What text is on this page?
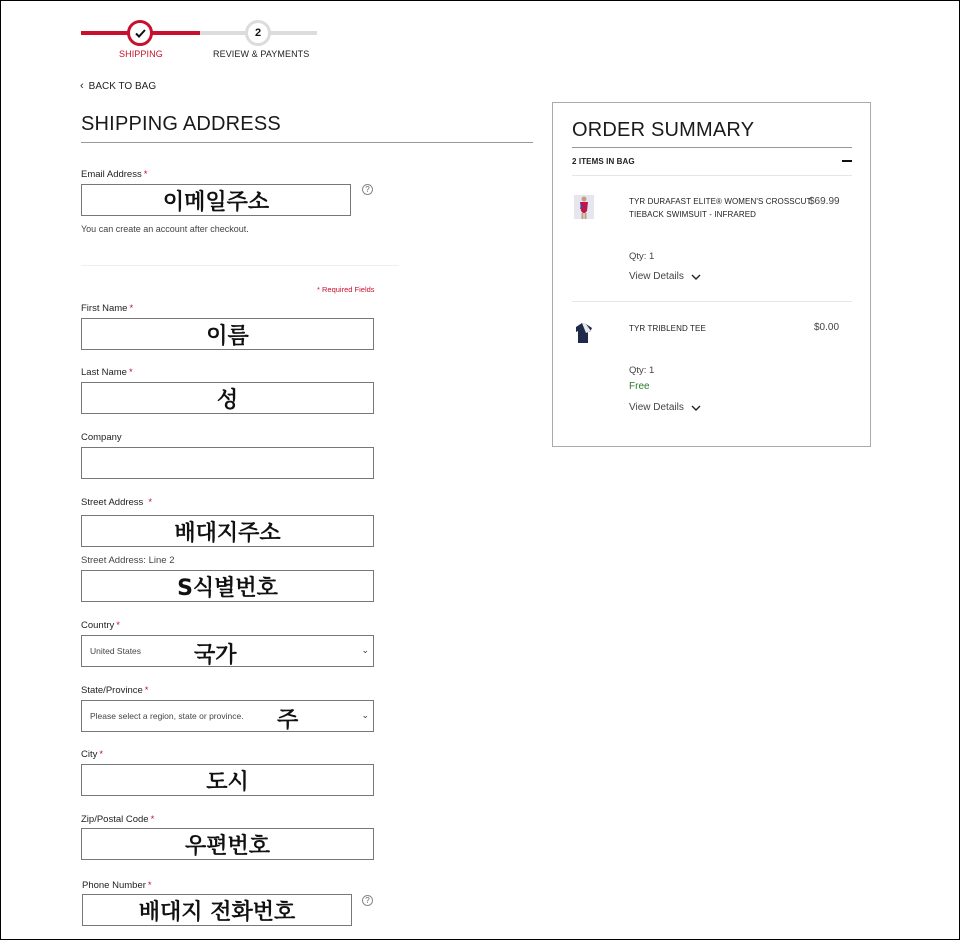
2
SHIPPING	REVIEW & PAYMENTS
‹ BACK TO BAG
SHIPPING ADDRESS
Email Address *
이메일주소
?
You can create an account after checkout.
* Required Fields
First Name *
이름
Last Name *
성
Company
Street Address *
배대지주소
Street Address: Line 2
S식별번호
Country *
United States 국가	⌄
State/Province *
Please select a region, state or province. 주	⌄
City *
도시
Zip/Postal Code *
우편번호
Phone Number *
배대지 전화번호	?
ORDER SUMMARY
2 ITEMS IN BAG
TYR DURAFAST ELITE® WOMEN'S CROSSCUT
TIEBACK SWIMSUIT - INFRARED
$69.99
Qty: 1
View Details
TYR TRIBLEND TEE	$0.00
Qty: 1
Free
View Details
